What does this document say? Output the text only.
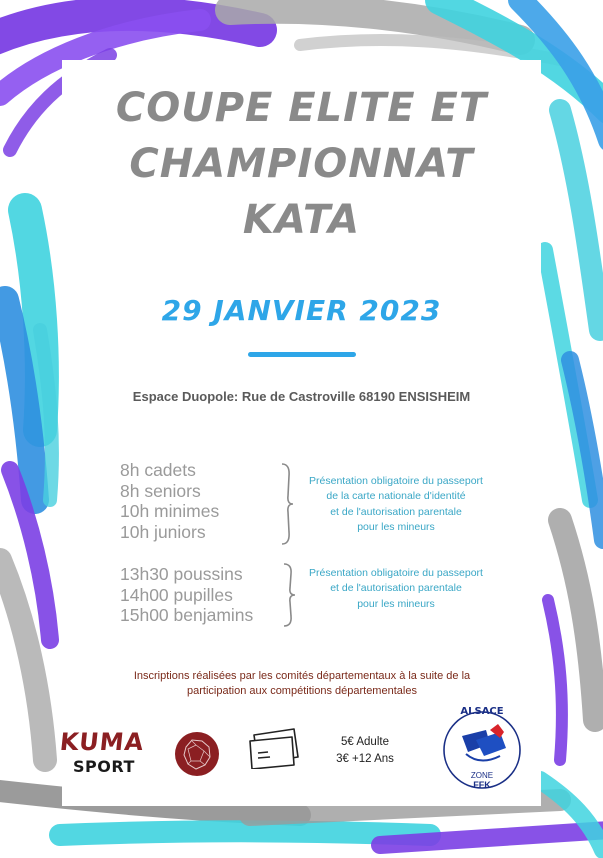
COUPE ELITE ET
CHAMPIONNAT
KATA
29 JANVIER 2023
Espace Duopole: Rue de Castroville 68190 ENSISHEIM
8h cadets
8h seniors
10h minimes
10h juniors
Présentation obligatoire du passeport
de la carte nationale d'identité
et de l'autorisation parentale
pour les mineurs
13h30 poussins
14h00 pupilles
15h00 benjamins
Présentation obligatoire du passeport
et de l'autorisation parentale
pour les mineurs
Inscriptions réalisées par les comités départementaux à la suite de la
participation aux compétitions départementales
KUMA
SPORT
5€ Adulte
3€ +12 Ans
ALSACE
ZONE
FFK
